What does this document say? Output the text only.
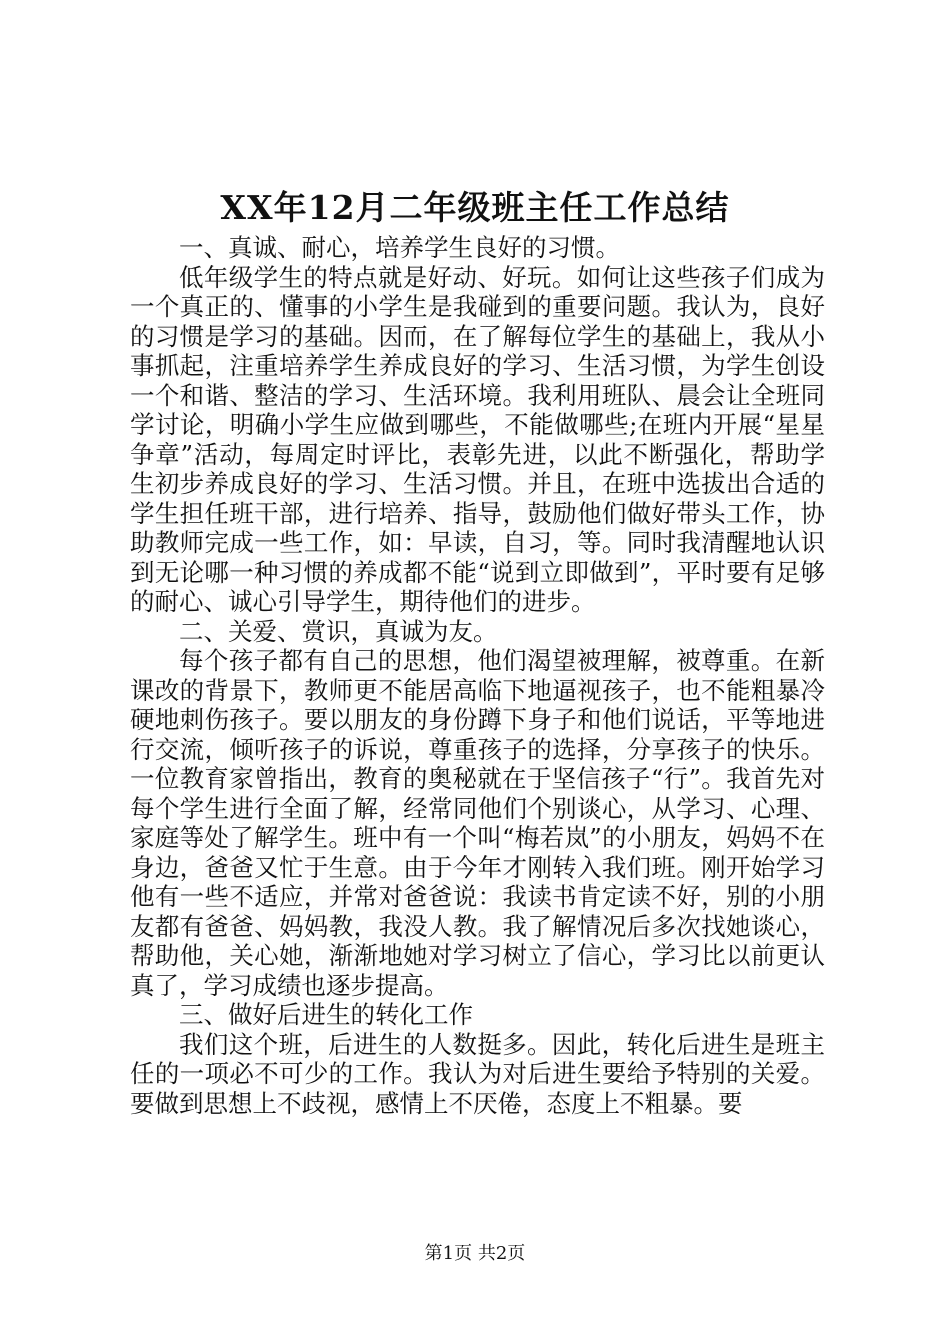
XX年12月二年级班主任工作总结

一、真诚、耐心，培养学生良好的习惯。

低年级学生的特点就是好动、好玩。如何让这些孩子们成为一个真正的、懂事的小学生是我碰到的重要问题。我认为，良好的习惯是学习的基础。因而，在了解每位学生的基础上，我从小事抓起，注重培养学生养成良好的学习、生活习惯，为学生创设一个和谐、整洁的学习、生活环境。我利用班队、晨会让全班同学讨论，明确小学生应做到哪些，不能做哪些;在班内开展“星星争章”活动，每周定时评比，表彰先进，以此不断强化，帮助学生初步养成良好的学习、生活习惯。并且，在班中选拔出合适的学生担任班干部，进行培养、指导，鼓励他们做好带头工作，协助教师完成一些工作，如：早读，自习，等。同时我清醒地认识到无论哪一种习惯的养成都不能“说到立即做到”，平时要有足够的耐心、诚心引导学生，期待他们的进步。

二、关爱、赏识，真诚为友。

每个孩子都有自己的思想，他们渴望被理解，被尊重。在新课改的背景下，教师更不能居高临下地逼视孩子，也不能粗暴冷硬地刺伤孩子。要以朋友的身份蹲下身子和他们说话，平等地进行交流，倾听孩子的诉说，尊重孩子的选择，分享孩子的快乐。一位教育家曾指出，教育的奥秘就在于坚信孩子“行”。我首先对每个学生进行全面了解，经常同他们个别谈心，从学习、心理、家庭等处了解学生。班中有一个叫“梅若岚”的小朋友，妈妈不在身边，爸爸又忙于生意。由于今年才刚转入我们班。刚开始学习他有一些不适应，并常对爸爸说：我读书肯定读不好，别的小朋友都有爸爸、妈妈教，我没人教。我了解情况后多次找她谈心，帮助他，关心她，渐渐地她对学习树立了信心，学习比以前更认真了，学习成绩也逐步提高。

三、做好后进生的转化工作

我们这个班，后进生的人数挺多。因此，转化后进生是班主任的一项必不可少的工作。我认为对后进生要给予特别的关爱。要做到思想上不歧视，感情上不厌倦，态度上不粗暴。要

第1页 共2页
